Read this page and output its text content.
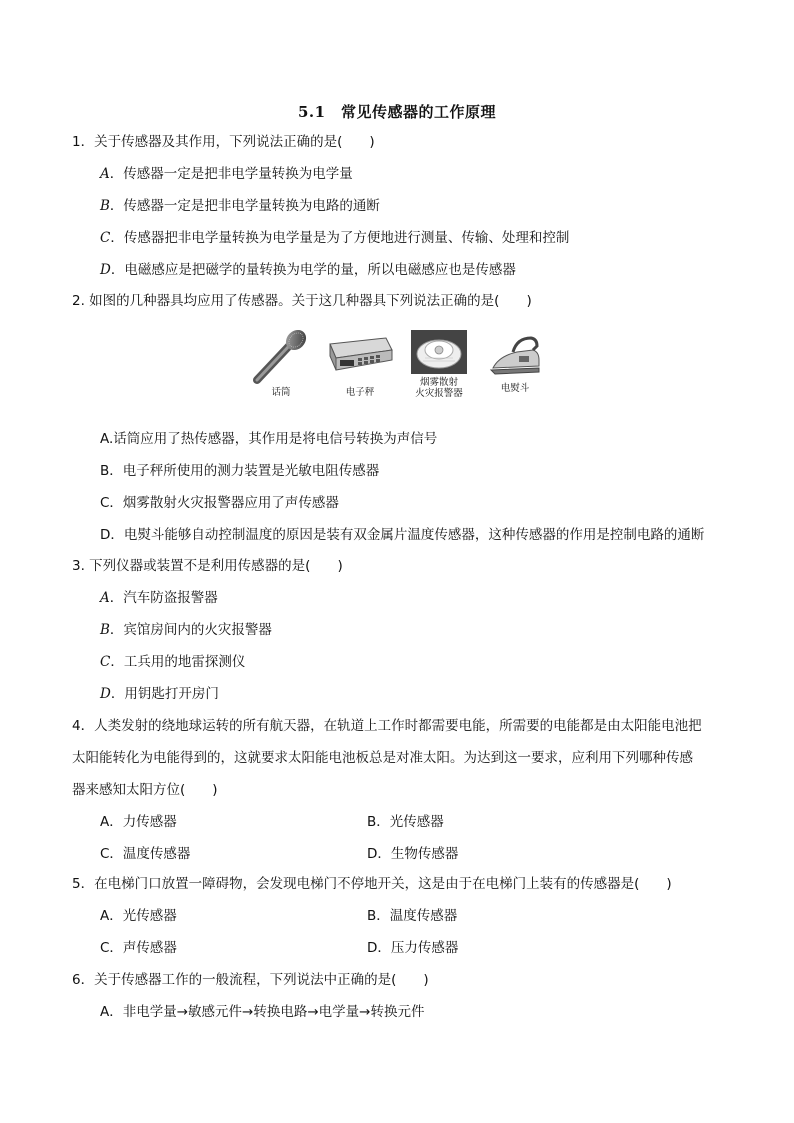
5.1　常见传感器的工作原理
1．关于传感器及其作用，下列说法正确的是(　　)
A．传感器一定是把非电学量转换为电学量
B．传感器一定是把非电学量转换为电路的通断
C．传感器把非电学量转换为电学量是为了方便地进行测量、传输、处理和控制
D．电磁感应是把磁学的量转换为电学的量，所以电磁感应也是传感器
2. 如图的几种器具均应用了传感器。关于这几种器具下列说法正确的是(　　)
话筒	电子秤
烟雾散射
火灾报警器	电熨斗
A.话筒应用了热传感器，其作用是将电信号转换为声信号
B．电子秤所使用的测力装置是光敏电阻传感器
C．烟雾散射火灾报警器应用了声传感器
D．电熨斗能够自动控制温度的原因是装有双金属片温度传感器，这种传感器的作用是控制电路的通断
3. 下列仪器或装置不是利用传感器的是(　　)
A．汽车防盗报警器
B．宾馆房间内的火灾报警器
C．工兵用的地雷探测仪
D．用钥匙打开房门
4．人类发射的绕地球运转的所有航天器，在轨道上工作时都需要电能，所需要的电能都是由太阳能电池把
太阳能转化为电能得到的，这就要求太阳能电池板总是对准太阳。为达到这一要求，应利用下列哪种传感
器来感知太阳方位(　　)
A．力传感器	B．光传感器
C．温度传感器	D．生物传感器
5．在电梯门口放置一障碍物，会发现电梯门不停地开关，这是由于在电梯门上装有的传感器是(　　)
A．光传感器	B．温度传感器
C．声传感器	D．压力传感器
6．关于传感器工作的一般流程，下列说法中正确的是(　　)
A．非电学量→敏感元件→转换电路→电学量→转换元件
